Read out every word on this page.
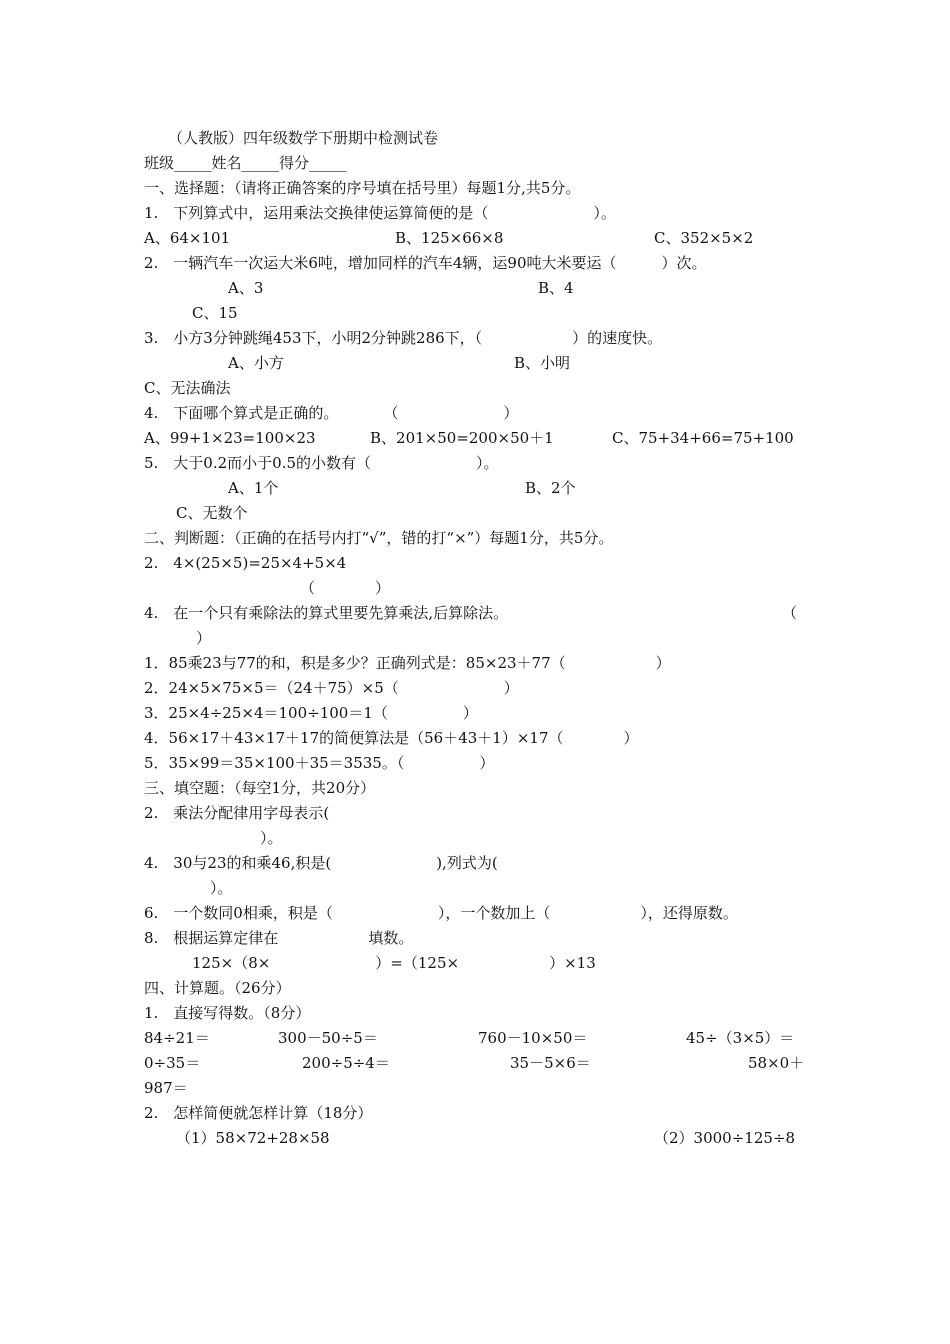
（人教版）四年级数学下册期中检测试卷
班级_____姓名_____得分_____
一、选择题：（请将正确答案的序号填在括号里）每题1分,共5分。
1.　下列算式中，运用乘法交换律使运算简便的是（　　　　　　　）。
A、64×101	B、125×66×8	C、352×5×2
2.　一辆汽车一次运大米6吨，增加同样的汽车4辆，运90吨大米要运（　　　）次。
A、3	B、4
C、15
3.　小方3分钟跳绳453下，小明2分钟跳286下，（　　　　　　）的速度快。
A、小方	B、小明
C、无法确法
4.　下面哪个算式是正确的。　　　　（　　　　　　　）
A、99+1×23=100×23	B、201×50=200×50＋1	C、75+34+66=75+100
5.　大于0.2而小于0.5的小数有（　　　　　　　）。
A、1个	B、2个
C、无数个
二、判断题：（正确的在括号内打“√”，错的打“×”）每题1分，共5分。
2.　4×(25×5)=25×4+5×4
（　　　　）
4.　在一个只有乘除法的算式里要先算乘法,后算除法。	（
）
1．85乘23与77的和，积是多少？正确列式是：85×23＋77（　　　　　　）
2．24×5×75×5＝（24＋75）×5（　　　　　　　）
3．25×4÷25×4＝100÷100＝1（　　　　　）
4．56×17＋43×17＋17的简便算法是（56＋43＋1）×17（　　　　）
5．35×99＝35×100＋35＝3535。（　　　　　）
三、填空题：（每空1分，共20分）
2.　乘法分配律用字母表示(
）。
4.　30与23的和乘46,积是(　　　　　　　),列式为(
）。
6.　一个数同0相乘，积是（　　　　　　　），一个数加上（　　　　　　），还得原数。
8.　根据运算定律在　　　　　　填数。
125×（8×　　　　　　　）=（125×　　　　　　）×13
四、计算题。（26分）
1.　直接写得数。（8分）
84÷21＝	300－50÷5＝	760－10×50＝	45÷（3×5）＝
0÷35＝	200÷5÷4＝	35－5×6＝	58×0＋
987＝
2.　怎样简便就怎样计算（18分）
（1）58×72+28×58	（2）3000÷125÷8
